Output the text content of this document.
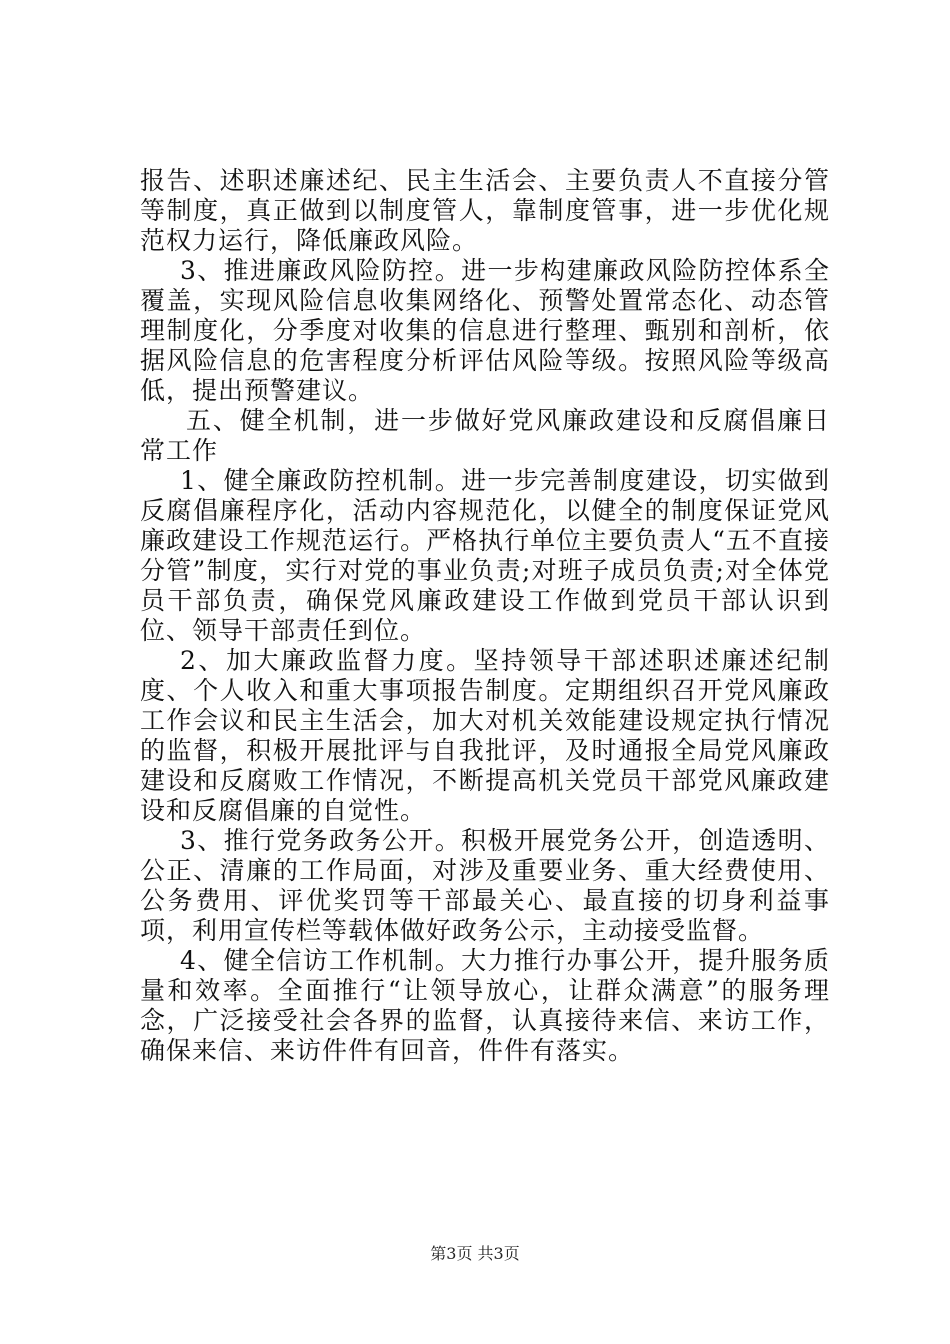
报告、述职述廉述纪、民主生活会、主要负责人不直接分管等制度，真正做到以制度管人，靠制度管事，进一步优化规范权力运行，降低廉政风险。

3、推进廉政风险防控。进一步构建廉政风险防控体系全覆盖，实现风险信息收集网络化、预警处置常态化、动态管理制度化，分季度对收集的信息进行整理、甄别和剖析，依据风险信息的危害程度分析评估风险等级。按照风险等级高低，提出预警建议。

五、健全机制，进一步做好党风廉政建设和反腐倡廉日常工作

1、健全廉政防控机制。进一步完善制度建设，切实做到反腐倡廉程序化，活动内容规范化，以健全的制度保证党风廉政建设工作规范运行。严格执行单位主要负责人“五不直接分管”制度，实行对党的事业负责;对班子成员负责;对全体党员干部负责，确保党风廉政建设工作做到党员干部认识到位、领导干部责任到位。

2、加大廉政监督力度。坚持领导干部述职述廉述纪制度、个人收入和重大事项报告制度。定期组织召开党风廉政工作会议和民主生活会，加大对机关效能建设规定执行情况的监督，积极开展批评与自我批评，及时通报全局党风廉政建设和反腐败工作情况，不断提高机关党员干部党风廉政建设和反腐倡廉的自觉性。

3、推行党务政务公开。积极开展党务公开，创造透明、公正、清廉的工作局面，对涉及重要业务、重大经费使用、公务费用、评优奖罚等干部最关心、最直接的切身利益事项，利用宣传栏等载体做好政务公示，主动接受监督。

4、健全信访工作机制。大力推行办事公开，提升服务质量和效率。全面推行“让领导放心，让群众满意”的服务理念，广泛接受社会各界的监督，认真接待来信、来访工作，确保来信、来访件件有回音，件件有落实。

第3页 共3页
